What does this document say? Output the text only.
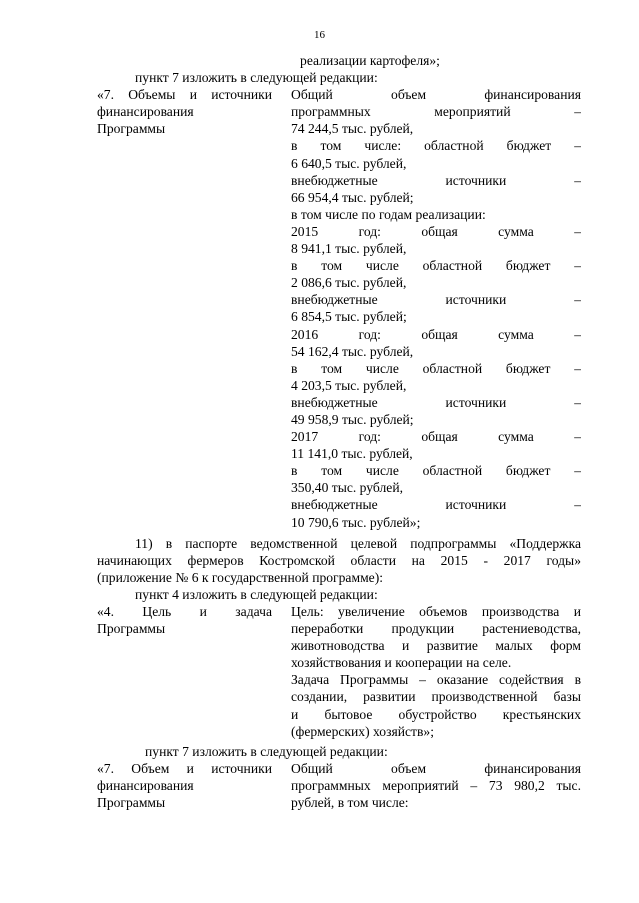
16
реализации картофеля»;
пункт 7 изложить в следующей редакции:
«7. Объемы и источники
финансирования
Программы
Общий объем финансирования
программных мероприятий –
74 244,5 тыс. рублей,
в том числе: областной бюджет –
6 640,5 тыс. рублей,
внебюджетные источники –
66 954,4 тыс. рублей;
в том числе по годам реализации:
2015 год: общая сумма –
8 941,1 тыс. рублей,
в том числе областной бюджет –
2 086,6 тыс. рублей,
внебюджетные источники –
6 854,5 тыс. рублей;
2016 год: общая сумма –
54 162,4 тыс. рублей,
в том числе областной бюджет –
4 203,5 тыс. рублей,
внебюджетные источники –
49 958,9 тыс. рублей;
2017 год: общая сумма –
11 141,0 тыс. рублей,
в том числе областной бюджет –
350,40 тыс. рублей,
внебюджетные источники –
10 790,6 тыс. рублей»;
11) в паспорте ведомственной целевой подпрограммы «Поддержка
начинающих фермеров Костромской области на 2015 - 2017 годы»
(приложение № 6 к государственной программе):
пункт 4 изложить в следующей редакции:
«4. Цель и задача
Программы
Цель: увеличение объемов производства и
переработки продукции растениеводства,
животноводства и развитие малых форм
хозяйствования и кооперации на селе.
Задача Программы – оказание содействия в
создании, развитии производственной базы
и бытовое обустройство крестьянских
(фермерских) хозяйств»;
пункт 7 изложить в следующей редакции:
«7. Объем и источники
финансирования
Программы
Общий объем финансирования
программных мероприятий – 73 980,2 тыс.
рублей, в том числе:
